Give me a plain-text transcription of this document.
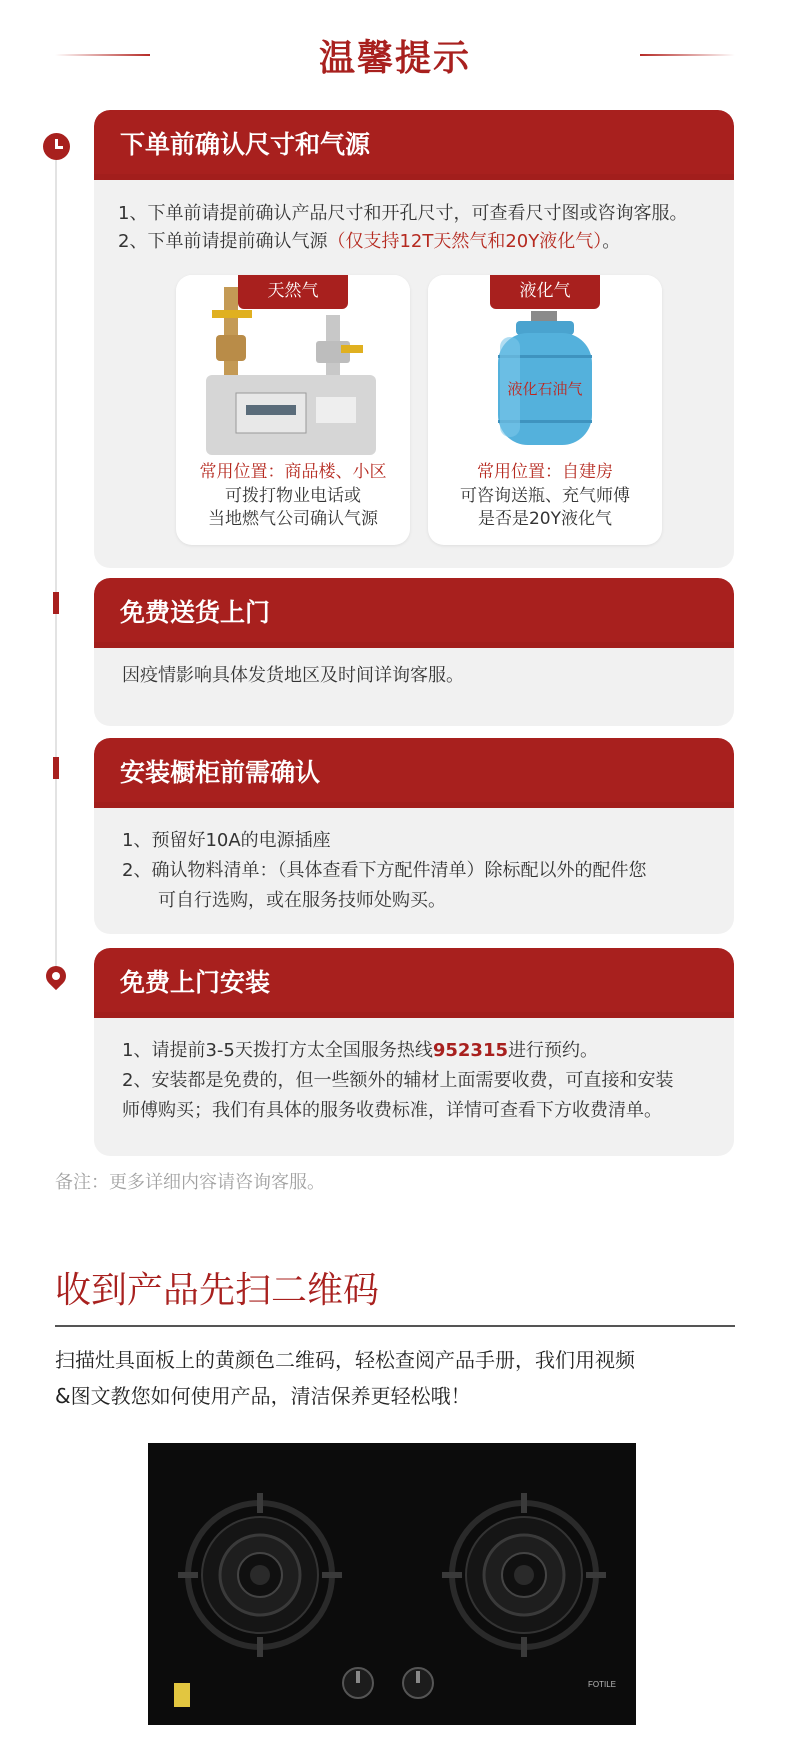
温馨提示
下单前确认尺寸和气源
1、下单前请提前确认产品尺寸和开孔尺寸，可查看尺寸图或咨询客服。
2、下单前请提前确认气源（仅支持12T天然气和20Y液化气）。
天然气
常用位置：商品楼、小区
可拨打物业电话或
当地燃气公司确认气源
液化石油气
液化气
常用位置：自建房
可咨询送瓶、充气师傅
是否是20Y液化气
免费送货上门
因疫情影响具体发货地区及时间详询客服。
安装橱柜前需确认
1、预留好10A的电源插座
2、确认物料清单：（具体查看下方配件清单）除标配以外的配件您
可自行选购，或在服务技师处购买。
免费上门安装
1、请提前3-5天拨打方太全国服务热线952315进行预约。
2、安装都是免费的，但一些额外的辅材上面需要收费，可直接和安装
师傅购买；我们有具体的服务收费标准，详情可查看下方收费清单。
备注：更多详细内容请咨询客服。
收到产品先扫二维码
扫描灶具面板上的黄颜色二维码，轻松查阅产品手册，我们用视频
&图文教您如何使用产品，清洁保养更轻松哦！
FOTILE
